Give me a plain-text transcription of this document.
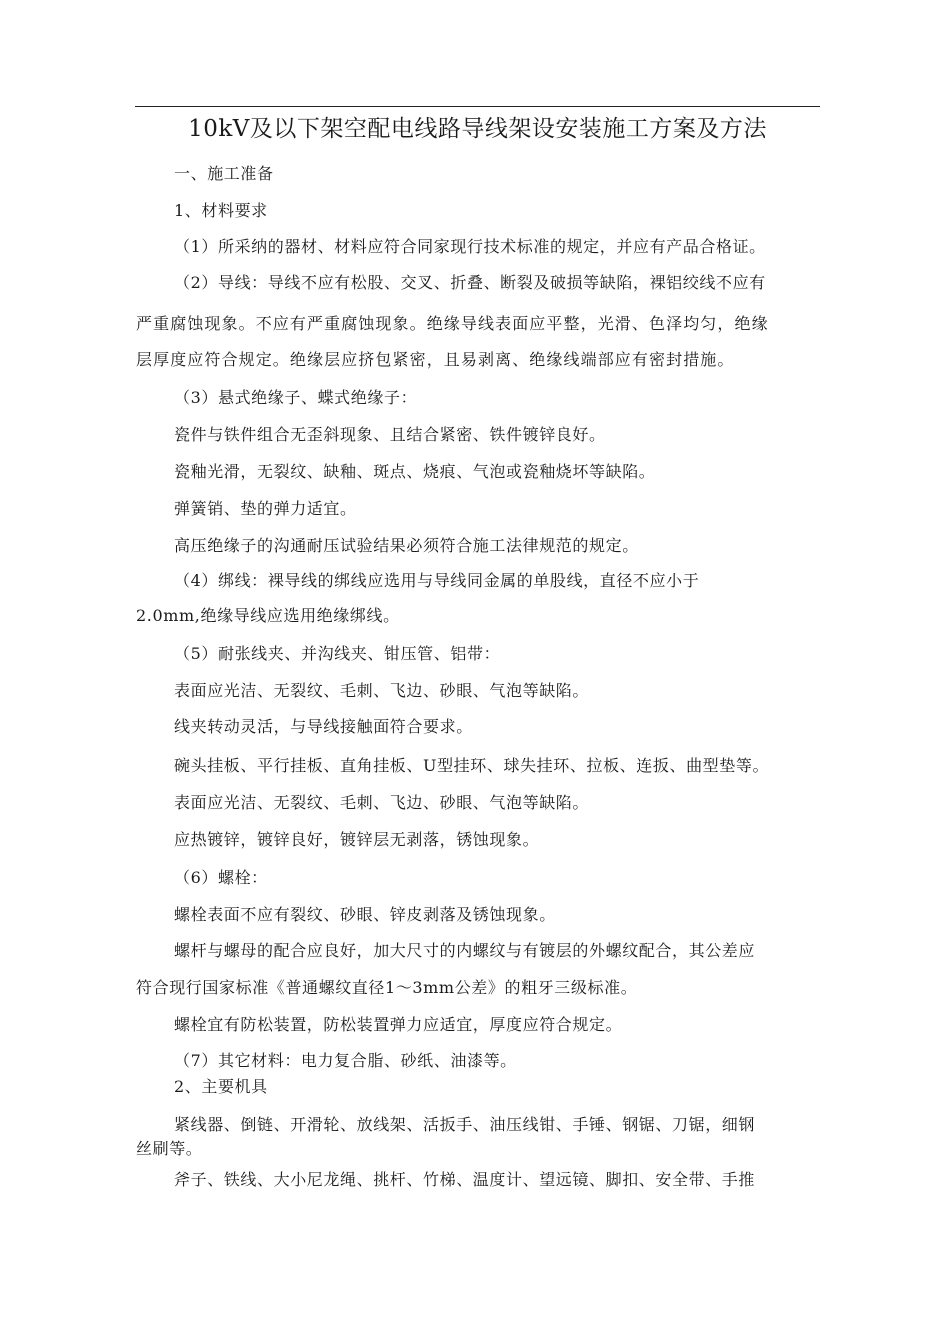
10kV及以下架空配电线路导线架设安装施工方案及方法
一、施工准备
1、材料要求
（1）所采纳的器材、材料应符合同家现行技术标准的规定，并应有产品合格证。
（2）导线：导线不应有松股、交叉、折叠、断裂及破损等缺陷，裸铝绞线不应有
严重腐蚀现象。不应有严重腐蚀现象。绝缘导线表面应平整，光滑、色泽均匀，绝缘
层厚度应符合规定。绝缘层应挤包紧密，且易剥离、绝缘线端部应有密封措施。
（3）悬式绝缘子、蝶式绝缘子：
瓷件与铁件组合无歪斜现象、且结合紧密、铁件镀锌良好。
瓷釉光滑，无裂纹、缺釉、斑点、烧痕、气泡或瓷釉烧坏等缺陷。
弹簧销、垫的弹力适宜。
高压绝缘子的沟通耐压试验结果必须符合施工法律规范的规定。
（4）绑线：裸导线的绑线应选用与导线同金属的单股线，直径不应小于
2.0mm,绝缘导线应选用绝缘绑线。
（5）耐张线夹、并沟线夹、钳压管、铝带：
表面应光洁、无裂纹、毛刺、飞边、砂眼、气泡等缺陷。
线夹转动灵活，与导线接触面符合要求。
碗头挂板、平行挂板、直角挂板、U型挂环、球失挂环、拉板、连扳、曲型垫等。
表面应光洁、无裂纹、毛刺、飞边、砂眼、气泡等缺陷。
应热镀锌，镀锌良好，镀锌层无剥落，锈蚀现象。
（6）螺栓：
螺栓表面不应有裂纹、砂眼、锌皮剥落及锈蚀现象。
螺杆与螺母的配合应良好，加大尺寸的内螺纹与有镀层的外螺纹配合，其公差应
符合现行国家标准《普通螺纹直径1〜3mm公差》的粗牙三级标准。
螺栓宜有防松装置，防松装置弹力应适宜，厚度应符合规定。
（7）其它材料：电力复合脂、砂纸、油漆等。
2、主要机具
紧线器、倒链、开滑轮、放线架、活扳手、油压线钳、手锤、钢锯、刀锯，细钢
丝刷等。
斧子、铁线、大小尼龙绳、挑杆、竹梯、温度计、望远镜、脚扣、安全带、手推
